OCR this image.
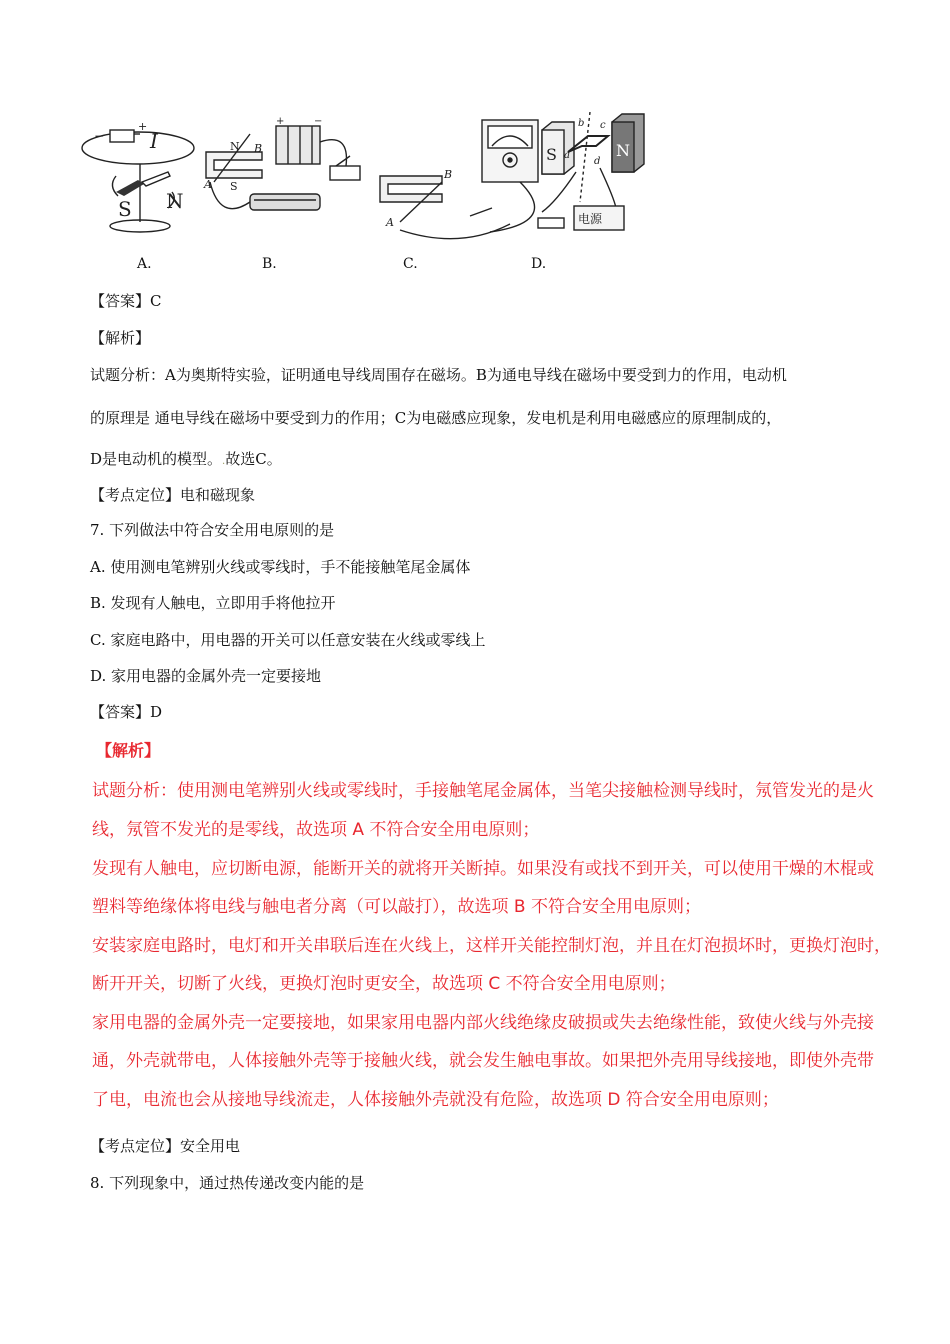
−
+
I
S N
N
S
A
B
+	−
A
B
S	N
a
b c
d
电源
A.	B.	C.	D.
【答案】C
【解析】
试题分析：A为奥斯特实验，证明通电导线周围存在磁场。B为通电导线在磁场中要受到力的作用，电动机
的原理是 通电导线在磁场中要受到力的作用；C为电磁感应现象，发电机是利用电磁感应的原理制成的，
D是电动机的模型。.故选C。
【考点定位】电和磁现象
7. 下列做法中符合安全用电原则的是
A. 使用测电笔辨别火线或零线时，手不能接触笔尾金属体
B. 发现有人触电，立即用手将他拉开
C. 家庭电路中，用电器的开关可以任意安装在火线或零线上
D. 家用电器的金属外壳一定要接地
【答案】D
【解析】
试题分析：使用测电笔辨别火线或零线时，手接触笔尾金属体，当笔尖接触检测导线时，氖管发光的是火
线，氖管不发光的是零线，故选项 A 不符合安全用电原则；
发现有人触电，应切断电源，能断开关的就将开关断掉。如果没有或找不到开关，可以使用干燥的木棍或
塑料等绝缘体将电线与触电者分离（可以敲打），故选项 B 不符合安全用电原则；
安装家庭电路时，电灯和开关串联后连在火线上，这样开关能控制灯泡，并且在灯泡损坏时，更换灯泡时，
断开开关，切断了火线，更换灯泡时更安全，故选项 C 不符合安全用电原则；
家用电器的金属外壳一定要接地，如果家用电器内部火线绝缘皮破损或失去绝缘性能，致使火线与外壳接
通，外壳就带电，人体接触外壳等于接触火线，就会发生触电事故。如果把外壳用导线接地，即使外壳带
了电，电流也会从接地导线流走，人体接触外壳就没有危险，故选项 D 符合安全用电原则；
【考点定位】安全用电
8. 下列现象中，通过热传递改变内能的是
